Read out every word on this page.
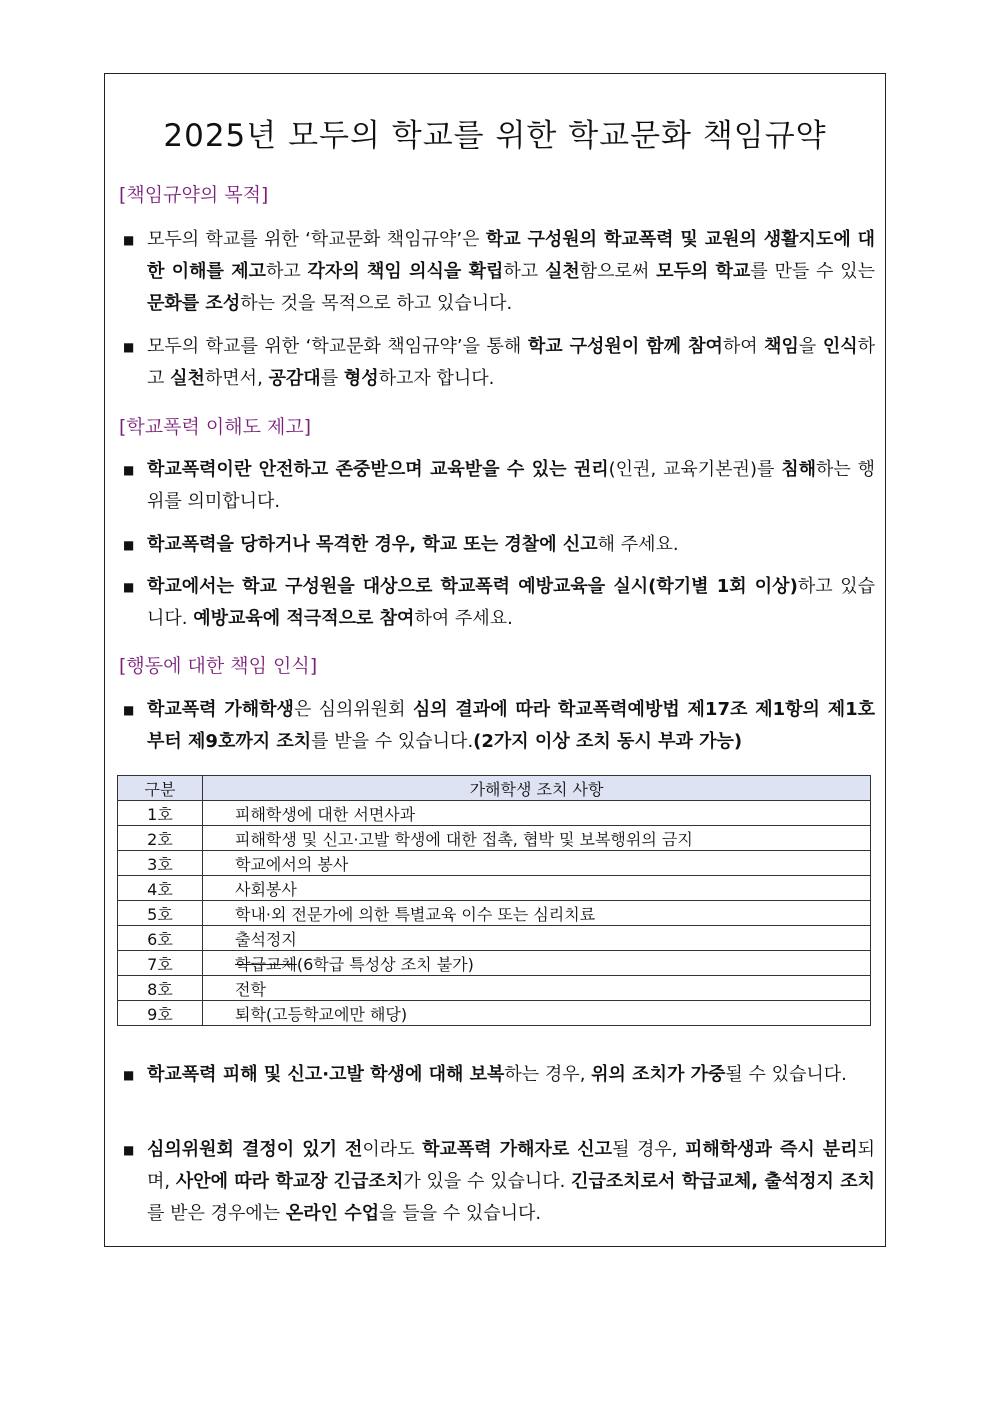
2025년 모두의 학교를 위한 학교문화 책임규약
[책임규약의 목적]
■ 모두의 학교를 위한 ‘학교문화 책임규약’은 학교 구성원의 학교폭력 및 교원의 생활지도에 대한 이해를 제고하고 각자의 책임 의식을 확립하고 실천함으로써 모두의 학교를 만들 수 있는 문화를 조성하는 것을 목적으로 하고 있습니다.
■ 모두의 학교를 위한 ‘학교문화 책임규약’을 통해 학교 구성원이 함께 참여하여 책임을 인식하고 실천하면서, 공감대를 형성하고자 합니다.
[학교폭력 이해도 제고]
■ 학교폭력이란 안전하고 존중받으며 교육받을 수 있는 권리(인권, 교육기본권)를 침해하는 행위를 의미합니다.
■ 학교폭력을 당하거나 목격한 경우, 학교 또는 경찰에 신고해 주세요.
■ 학교에서는 학교 구성원을 대상으로 학교폭력 예방교육을 실시(학기별 1회 이상)하고 있습니다. 예방교육에 적극적으로 참여하여 주세요.
[행동에 대한 책임 인식]
■ 학교폭력 가해학생은 심의위원회 심의 결과에 따라 학교폭력예방법 제17조 제1항의 제1호부터 제9호까지 조치를 받을 수 있습니다.(2가지 이상 조치 동시 부과 가능)
구분	가해학생 조치 사항
1호	피해학생에 대한 서면사과
2호	피해학생 및 신고·고발 학생에 대한 접촉, 협박 및 보복행위의 금지
3호	학교에서의 봉사
4호	사회봉사
5호	학내·외 전문가에 의한 특별교육 이수 또는 심리치료
6호	출석정지
7호	학급교체(6학급 특성상 조치 불가)
8호	전학
9호	퇴학(고등학교에만 해당)
■ 학교폭력 피해 및 신고·고발 학생에 대해 보복하는 경우, 위의 조치가 가중될 수 있습니다.
■ 심의위원회 결정이 있기 전이라도 학교폭력 가해자로 신고될 경우, 피해학생과 즉시 분리되며, 사안에 따라 학교장 긴급조치가 있을 수 있습니다. 긴급조치로서 학급교체, 출석정지 조치를 받은 경우에는 온라인 수업을 들을 수 있습니다.
